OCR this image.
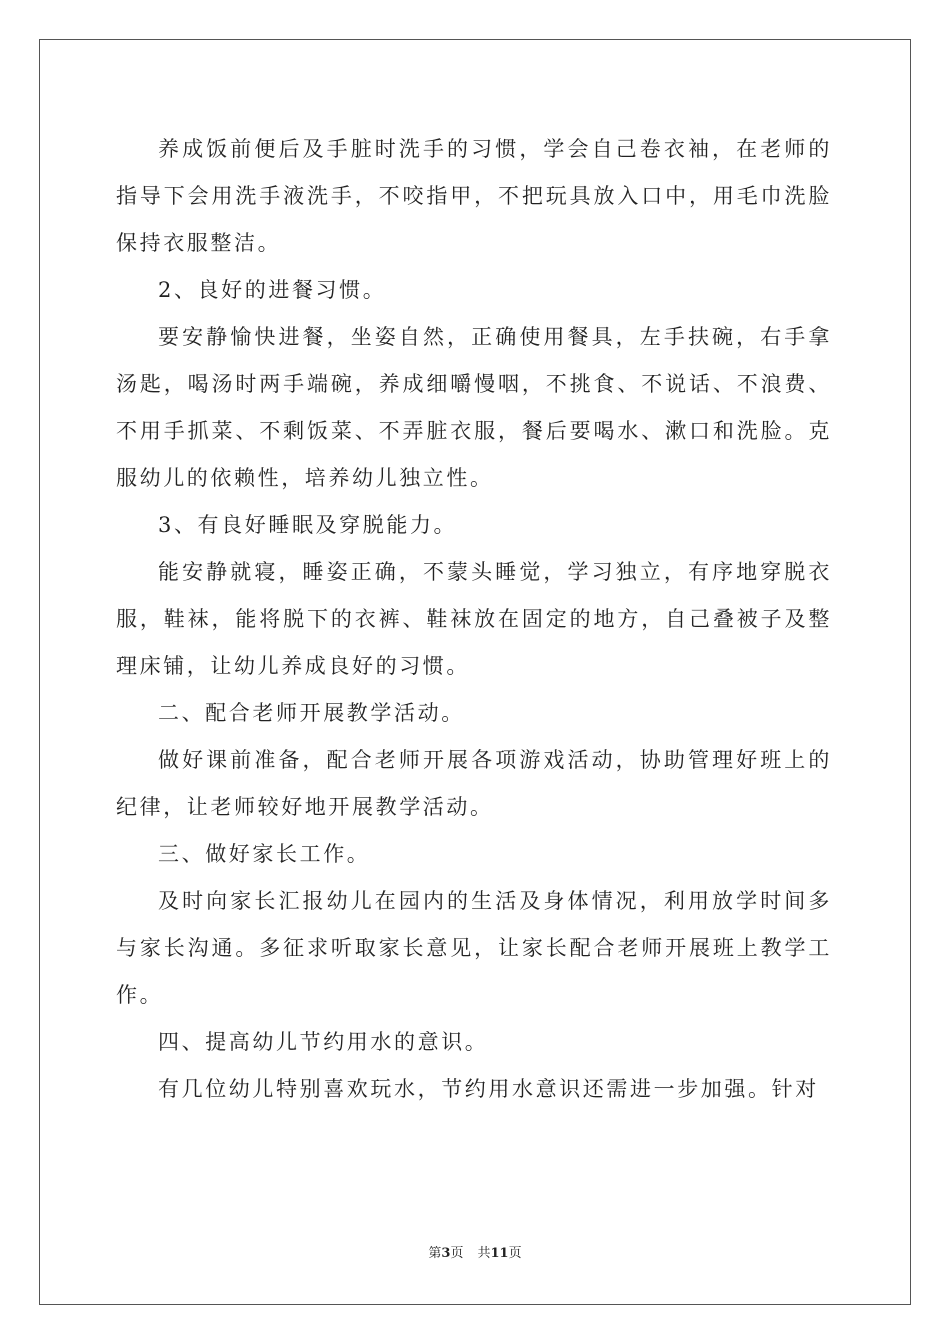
养成饭前便后及手脏时洗手的习惯，学会自己卷衣袖，在老师的指导下会用洗手液洗手，不咬指甲，不把玩具放入口中，用毛巾洗脸保持衣服整洁。

2、良好的进餐习惯。

要安静愉快进餐，坐姿自然，正确使用餐具，左手扶碗，右手拿汤匙，喝汤时两手端碗，养成细嚼慢咽，不挑食、不说话、不浪费、不用手抓菜、不剩饭菜、不弄脏衣服，餐后要喝水、漱口和洗脸。克服幼儿的依赖性，培养幼儿独立性。

3、有良好睡眠及穿脱能力。

能安静就寝，睡姿正确，不蒙头睡觉，学习独立，有序地穿脱衣服，鞋袜，能将脱下的衣裤、鞋袜放在固定的地方，自己叠被子及整理床铺，让幼儿养成良好的习惯。

二、配合老师开展教学活动。

做好课前准备，配合老师开展各项游戏活动，协助管理好班上的纪律，让老师较好地开展教学活动。

三、做好家长工作。

及时向家长汇报幼儿在园内的生活及身体情况，利用放学时间多与家长沟通。多征求听取家长意见，让家长配合老师开展班上教学工作。

四、提高幼儿节约用水的意识。

有几位幼儿特别喜欢玩水，节约用水意识还需进一步加强。针对

第3页 共11页
